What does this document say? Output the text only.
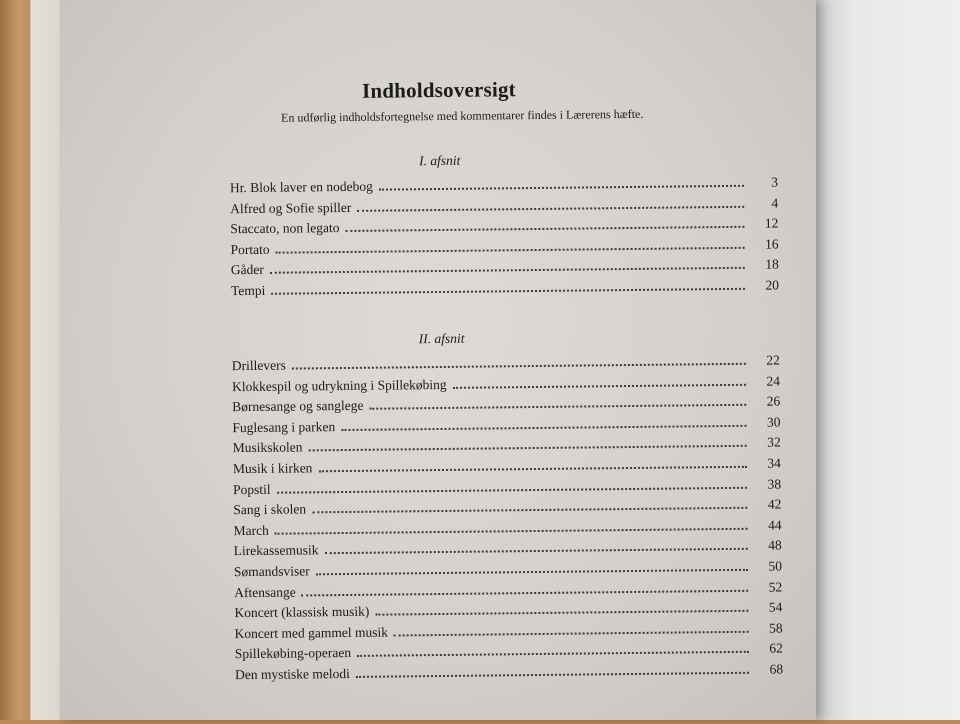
Indholdsoversigt
En udførlig indholdsfortegnelse med kommentarer findes i Lærerens hæfte.
I. afsnit
Hr. Blok laver en nodebog	3
Alfred og Sofie spiller	4
Staccato, non legato	12
Portato	16
Gåder	18
Tempi	20
II. afsnit
Drillevers	22
Klokkespil og udrykning i Spillekøbing	24
Børnesange og sanglege	26
Fuglesang i parken	30
Musikskolen	32
Musik i kirken	34
Popstil	38
Sang i skolen	42
March	44
Lirekassemusik	48
Sømandsviser	50
Aftensange	52
Koncert (klassisk musik)	54
Koncert med gammel musik	58
Spillekøbing-operaen	62
Den mystiske melodi	68
